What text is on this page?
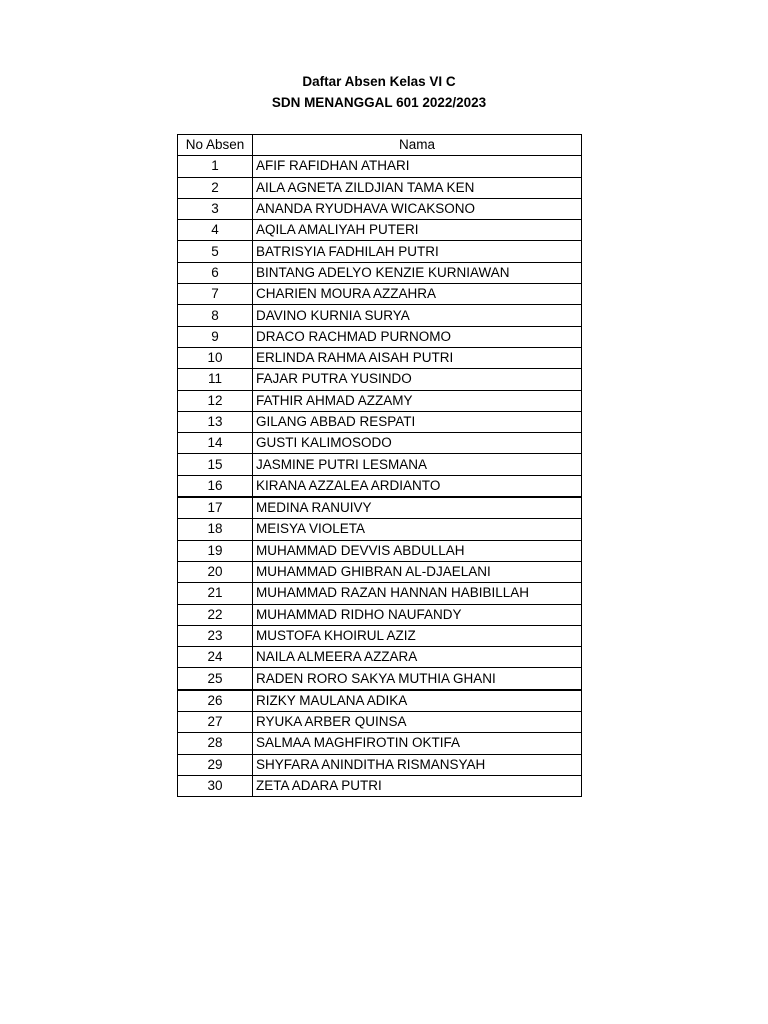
Daftar Absen Kelas VI C
SDN MENANGGAL 601 2022/2023
No Absen	Nama
1	AFIF RAFIDHAN ATHARI
2	AILA AGNETA ZILDJIAN TAMA KEN
3	ANANDA RYUDHAVA WICAKSONO
4	AQILA AMALIYAH PUTERI
5	BATRISYIA FADHILAH PUTRI
6	BINTANG ADELYO KENZIE KURNIAWAN
7	CHARIEN MOURA AZZAHRA
8	DAVINO KURNIA SURYA
9	DRACO RACHMAD PURNOMO
10	ERLINDA RAHMA AISAH PUTRI
11	FAJAR PUTRA YUSINDO
12	FATHIR AHMAD AZZAMY
13	GILANG ABBAD RESPATI
14	GUSTI KALIMOSODO
15	JASMINE PUTRI LESMANA
16	KIRANA AZZALEA ARDIANTO
17	MEDINA RANUIVY
18	MEISYA VIOLETA
19	MUHAMMAD DEVVIS ABDULLAH
20	MUHAMMAD GHIBRAN AL-DJAELANI
21	MUHAMMAD RAZAN HANNAN HABIBILLAH
22	MUHAMMAD RIDHO NAUFANDY
23	MUSTOFA KHOIRUL AZIZ
24	NAILA ALMEERA AZZARA
25	RADEN RORO SAKYA MUTHIA GHANI
26	RIZKY MAULANA ADIKA
27	RYUKA ARBER QUINSA
28	SALMAA MAGHFIROTIN OKTIFA
29	SHYFARA ANINDITHA RISMANSYAH
30	ZETA ADARA PUTRI
